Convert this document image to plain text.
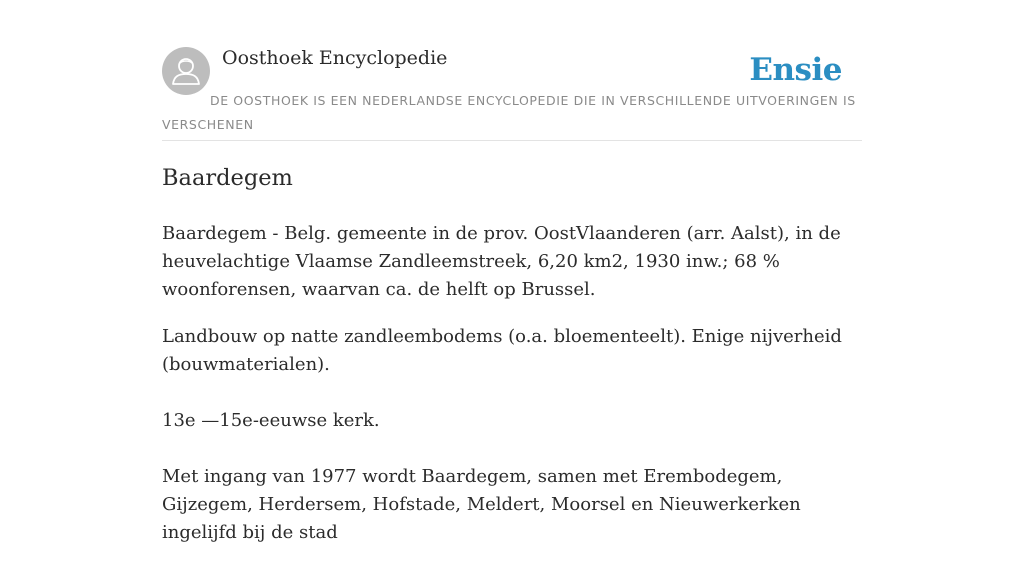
Oosthoek Encyclopedie	Ensie
DE OOSTHOEK IS EEN NEDERLANDSE ENCYCLOPEDIE DIE IN VERSCHILLENDE UITVOERINGEN IS VERSCHENEN
Baardegem

Baardegem - Belg. gemeente in de prov. OostVlaanderen (arr. Aalst), in de heuvelachtige Vlaamse Zandleemstreek, 6,20 km2, 1930 inw.; 68 % woonforensen, waarvan ca. de helft op Brussel.

Landbouw op natte zandleembodems (o.a. bloementeelt). Enige nijverheid (bouwmaterialen).

13e —15e-eeuwse kerk.

Met ingang van 1977 wordt Baardegem, samen met Erembodegem, Gijzegem, Herdersem, Hofstade, Meldert, Moorsel en Nieuwerkerken ingelijfd bij de stad
